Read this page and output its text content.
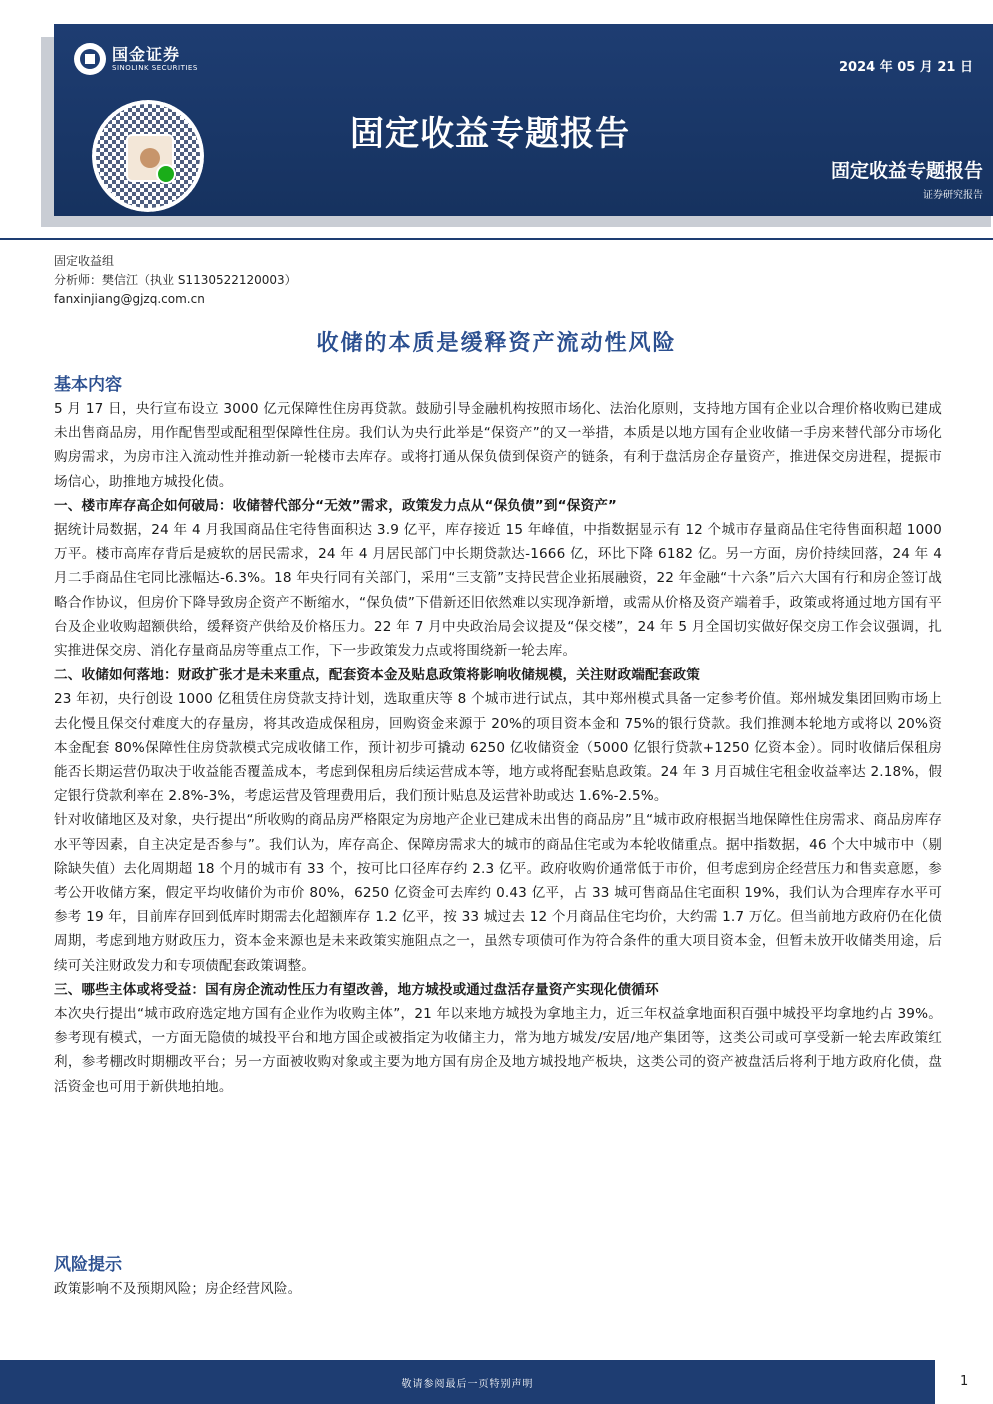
国金证券
SINOLINK SECURITIES	2024 年 05 月 21 日
固定收益专题报告
固定收益专题报告
证券研究报告
固定收益组
分析师：樊信江（执业 S1130522120003）
fanxinjiang@gjzq.com.cn
收储的本质是缓释资产流动性风险
基本内容

5 月 17 日，央行宣布设立 3000 亿元保障性住房再贷款。鼓励引导金融机构按照市场化、法治化原则，支持地方国有企业以合理价格收购已建成未出售商品房，用作配售型或配租型保障性住房。我们认为央行此举是“保资产”的又一举措，本质是以地方国有企业收储一手房来替代部分市场化购房需求，为房市注入流动性并推动新一轮楼市去库存。或将打通从保负债到保资产的链条，有利于盘活房企存量资产，推进保交房进程，提振市场信心，助推地方城投化债。

一、楼市库存高企如何破局：收储替代部分“无效”需求，政策发力点从“保负债”到“保资产”

据统计局数据，24 年 4 月我国商品住宅待售面积达 3.9 亿平，库存接近 15 年峰值，中指数据显示有 12 个城市存量商品住宅待售面积超 1000 万平。楼市高库存背后是疲软的居民需求，24 年 4 月居民部门中长期贷款达-1666 亿，环比下降 6182 亿。另一方面，房价持续回落，24 年 4 月二手商品住宅同比涨幅达-6.3%。18 年央行同有关部门，采用“三支箭”支持民营企业拓展融资，22 年金融“十六条”后六大国有行和房企签订战略合作协议，但房价下降导致房企资产不断缩水，“保负债”下借新还旧依然难以实现净新增，或需从价格及资产端着手，政策或将通过地方国有平台及企业收购超额供给，缓释资产供给及价格压力。22 年 7 月中央政治局会议提及“保交楼”，24 年 5 月全国切实做好保交房工作会议强调，扎实推进保交房、消化存量商品房等重点工作，下一步政策发力点或将围绕新一轮去库。

二、收储如何落地：财政扩张才是未来重点，配套资本金及贴息政策将影响收储规模，关注财政端配套政策

23 年初，央行创设 1000 亿租赁住房贷款支持计划，选取重庆等 8 个城市进行试点，其中郑州模式具备一定参考价值。郑州城发集团回购市场上去化慢且保交付难度大的存量房，将其改造成保租房，回购资金来源于 20%的项目资本金和 75%的银行贷款。我们推测本轮地方或将以 20%资本金配套 80%保障性住房贷款模式完成收储工作，预计初步可撬动 6250 亿收储资金（5000 亿银行贷款+1250 亿资本金）。同时收储后保租房能否长期运营仍取决于收益能否覆盖成本，考虑到保租房后续运营成本等，地方或将配套贴息政策。24 年 3 月百城住宅租金收益率达 2.18%，假定银行贷款利率在 2.8%-3%，考虑运营及管理费用后，我们预计贴息及运营补助或达 1.6%-2.5%。

针对收储地区及对象，央行提出“所收购的商品房严格限定为房地产企业已建成未出售的商品房”且“城市政府根据当地保障性住房需求、商品房库存水平等因素，自主决定是否参与”。我们认为，库存高企、保障房需求大的城市的商品住宅或为本轮收储重点。据中指数据，46 个大中城市中（剔除缺失值）去化周期超 18 个月的城市有 33 个，按可比口径库存约 2.3 亿平。政府收购价通常低于市价，但考虑到房企经营压力和售卖意愿，参考公开收储方案，假定平均收储价为市价 80%，6250 亿资金可去库约 0.43 亿平，占 33 城可售商品住宅面积 19%，我们认为合理库存水平可参考 19 年，目前库存回到低库时期需去化超额库存 1.2 亿平，按 33 城过去 12 个月商品住宅均价，大约需 1.7 万亿。但当前地方政府仍在化债周期，考虑到地方财政压力，资本金来源也是未来政策实施阻点之一，虽然专项债可作为符合条件的重大项目资本金，但暂未放开收储类用途，后续可关注财政发力和专项债配套政策调整。

三、哪些主体或将受益：国有房企流动性压力有望改善，地方城投或通过盘活存量资产实现化债循环

本次央行提出“城市政府选定地方国有企业作为收购主体”，21 年以来地方城投为拿地主力，近三年权益拿地面积百强中城投平均拿地约占 39%。参考现有模式，一方面无隐债的城投平台和地方国企或被指定为收储主力，常为地方城发/安居/地产集团等，这类公司或可享受新一轮去库政策红利，参考棚改时期棚改平台；另一方面被收购对象或主要为地方国有房企及地方城投地产板块，这类公司的资产被盘活后将利于地方政府化债，盘活资金也可用于新供地拍地。

风险提示

政策影响不及预期风险；房企经营风险。

敬请参阅最后一页特别声明	1
